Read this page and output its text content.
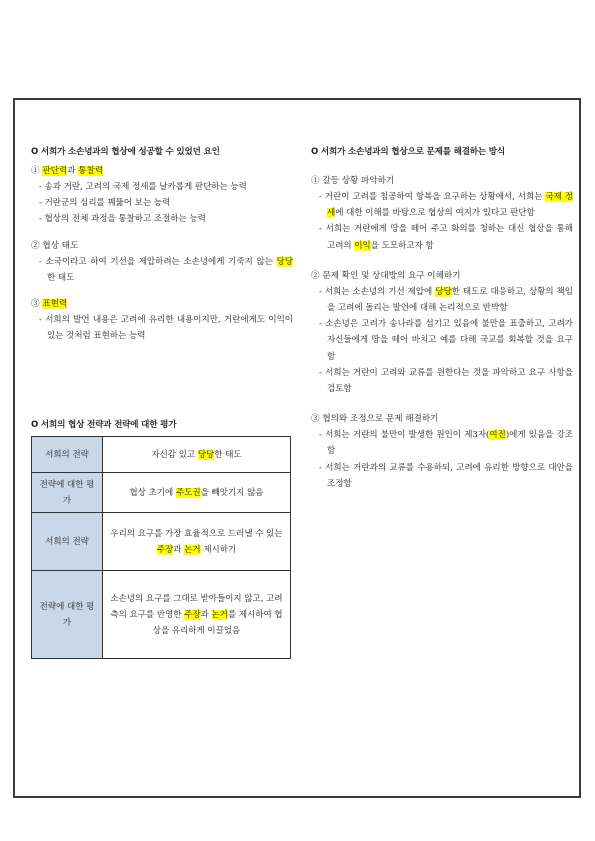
O 서희가 소손녕과의 협상에 성공할 수 있었던 요인

① 판단력과 통찰력

- 송과 거란, 고려의 국제 정세를 날카롭게 판단하는 능력

- 거란군의 심리를 꿰뚫어 보는 능력

- 협상의 전체 과정을 통찰하고 조절하는 능력

② 협상 태도

- 소국이라고 하여 기선을 제압하려는 소손녕에게 기죽지 않는 당당한 태도

③ 표현력

- 서희의 발언 내용은 고려에 유리한 내용이지만, 거란에게도 이익이 있는 것처럼 표현하는 능력

O 서희의 협상 전략과 전략에 대한 평가

서희의 전략	자신감 있고 당당한 태도
전략에 대한 평가	협상 초기에 주도권을 빼앗기지 않음
서희의 전략	우리의 요구를 가장 효율적으로 드러낼 수 있는 주장과 논거 제시하기
전략에 대한 평가	소손녕의 요구를 그대로 받아들이지 않고, 고려 측의 요구를 반영한 주장과 논거를 제시하여 협상을 유리하게 이끌었음

O 서희가 소손녕과의 협상으로 문제를 해결하는 방식

① 갈등 상황 파악하기

- 거란이 고려를 침공하여 항복을 요구하는 상황에서, 서희는 국제 정세에 대한 이해를 바탕으로 협상의 여지가 있다고 판단함

- 서희는 거란에게 땅을 떼어 주고 화의를 청하는 대신 협상을 통해 고려의 이익을 도모하고자 함

② 문제 확인 및 상대방의 요구 이해하기

- 서희는 소손녕의 기선 제압에 당당한 태도로 대응하고, 상황의 책임을 고려에 돌리는 발언에 대해 논리적으로 반박함

- 소손녕은 고려가 송나라를 섬기고 있음에 불만을 표출하고, 고려가 자신들에게 땅을 떼어 바치고 예를 다해 국교를 회복할 것을 요구함

- 서희는 거란이 고려와 교류를 원한다는 것을 파악하고 요구 사항을 검토함

③ 협의와 조정으로 문제 해결하기

- 서희는 거란의 불만이 발생한 원인이 제3자(여진)에게 있음을 강조함

- 서희는 거란과의 교류를 수용하되, 고려에 유리한 방향으로 대안을 조정함
